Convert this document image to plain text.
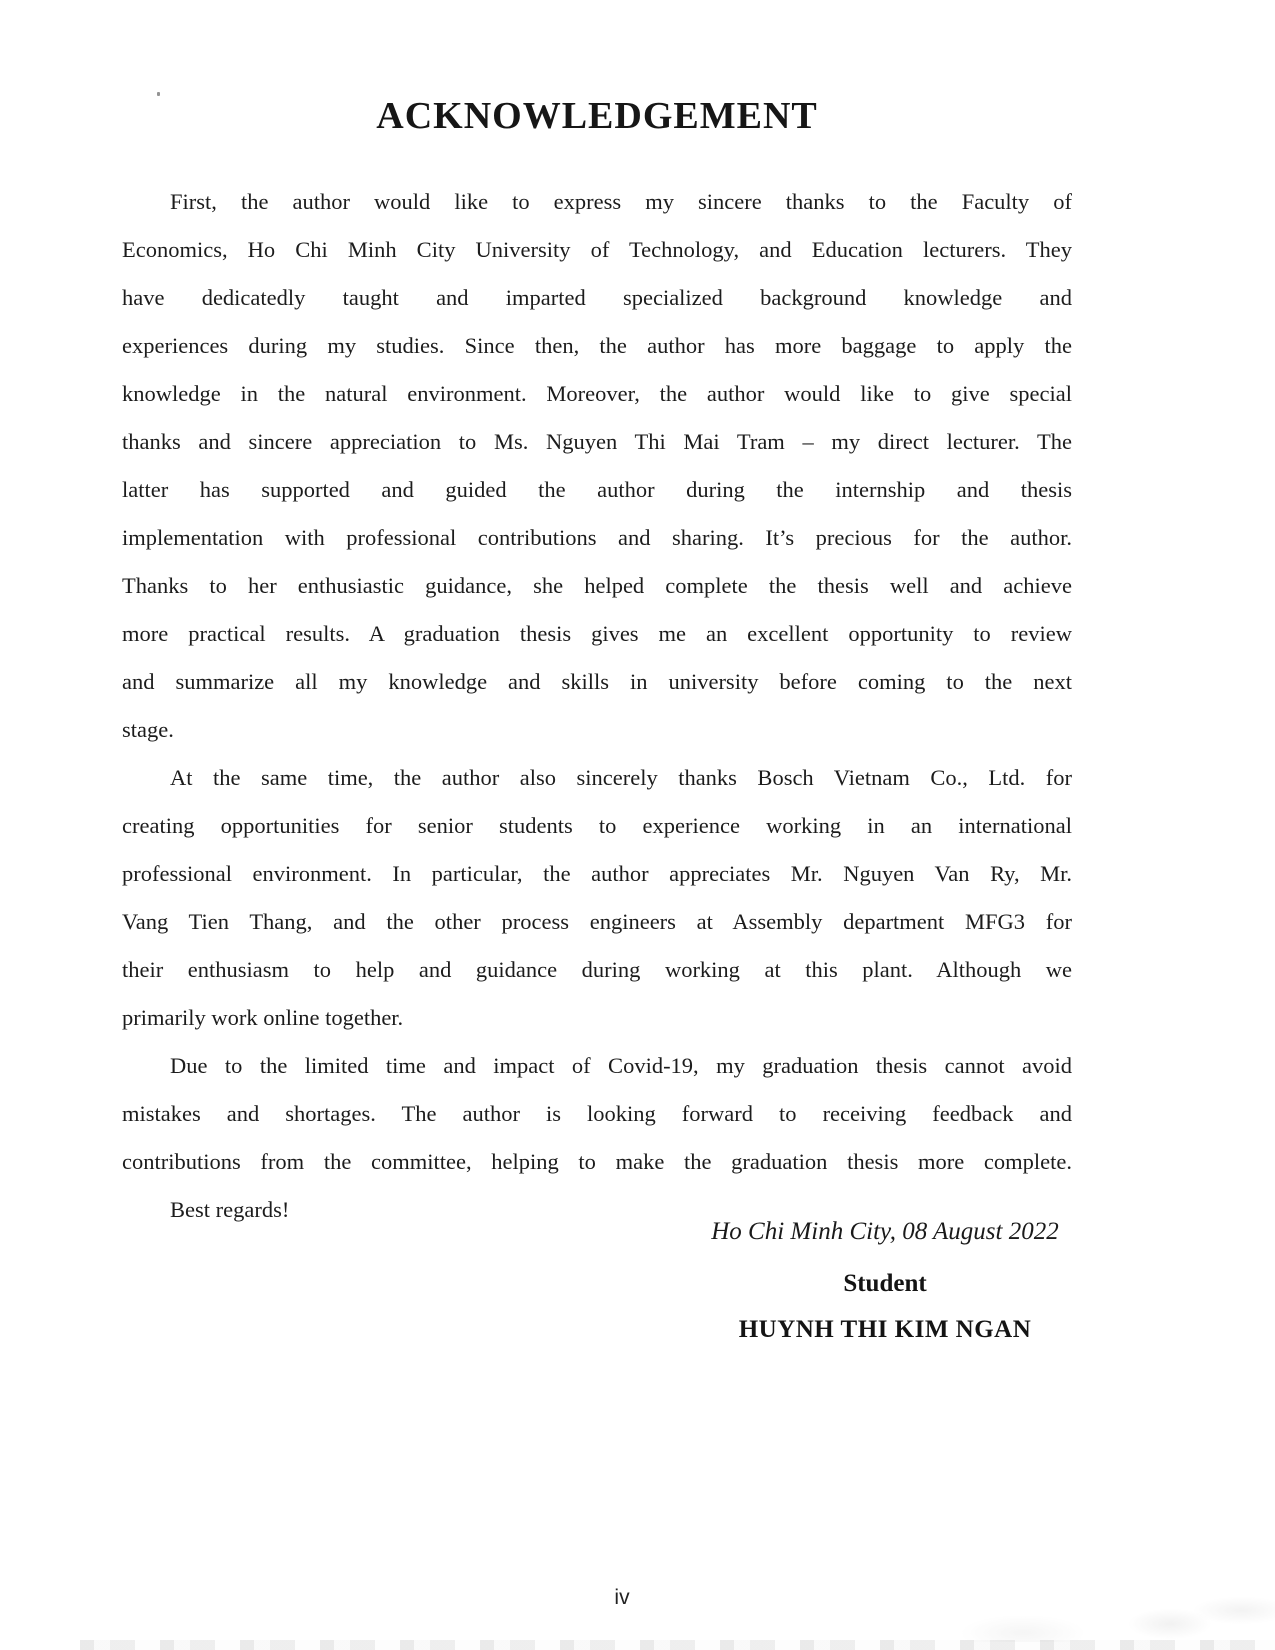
ACKNOWLEDGEMENT
First, the author would like to express my sincere thanks to the Faculty of
Economics, Ho Chi Minh City University of Technology, and Education lecturers. They
have dedicatedly taught and imparted specialized background knowledge and
experiences during my studies. Since then, the author has more baggage to apply the
knowledge in the natural environment. Moreover, the author would like to give special
thanks and sincere appreciation to Ms. Nguyen Thi Mai Tram – my direct lecturer. The
latter has supported and guided the author during the internship and thesis
implementation with professional contributions and sharing. It’s precious for the author.
Thanks to her enthusiastic guidance, she helped complete the thesis well and achieve
more practical results. A graduation thesis gives me an excellent opportunity to review
and summarize all my knowledge and skills in university before coming to the next
stage.
At the same time, the author also sincerely thanks Bosch Vietnam Co., Ltd. for
creating opportunities for senior students to experience working in an international
professional environment. In particular, the author appreciates Mr. Nguyen Van Ry, Mr.
Vang Tien Thang, and the other process engineers at Assembly department MFG3 for
their enthusiasm to help and guidance during working at this plant. Although we
primarily work online together.
Due to the limited time and impact of Covid-19, my graduation thesis cannot avoid
mistakes and shortages. The author is looking forward to receiving feedback and
contributions from the committee, helping to make the graduation thesis more complete.
Best regards!
Ho Chi Minh City, 08 August 2022
Student
HUYNH THI KIM NGAN
iv
